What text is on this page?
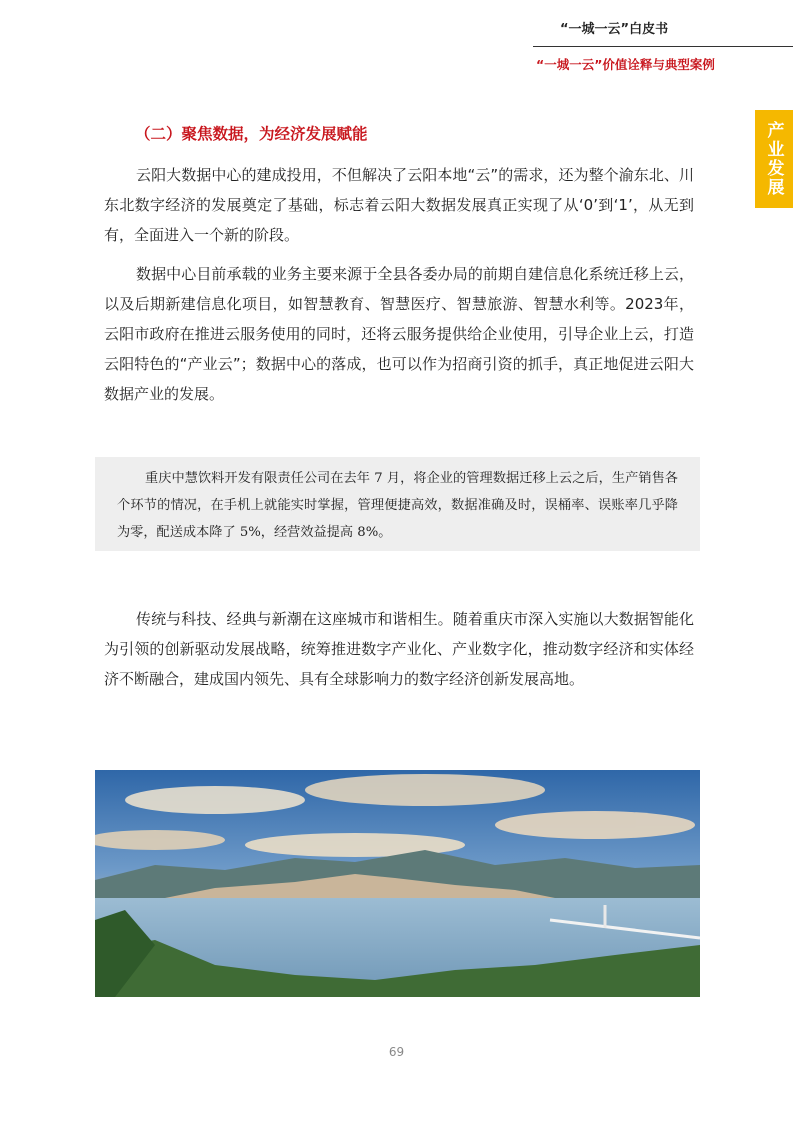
“一城一云”白皮书
“一城一云”价值诠释与典型案例
产业发展
（二）聚焦数据，为经济发展赋能

云阳大数据中心的建成投用，不但解决了云阳本地“云”的需求，还为整个渝东北、川东北数字经济的发展奠定了基础，标志着云阳大数据发展真正实现了从‘0’到‘1’，从无到有，全面进入一个新的阶段。

数据中心目前承载的业务主要来源于全县各委办局的前期自建信息化系统迁移上云，以及后期新建信息化项目，如智慧教育、智慧医疗、智慧旅游、智慧水利等。2023年，云阳市政府在推进云服务使用的同时，还将云服务提供给企业使用，引导企业上云，打造云阳特色的“产业云”；数据中心的落成，也可以作为招商引资的抓手，真正地促进云阳大数据产业的发展。

重庆中慧饮料开发有限责任公司在去年 7 月，将企业的管理数据迁移上云之后，生产销售各个环节的情况，在手机上就能实时掌握，管理便捷高效，数据准确及时，误桶率、误账率几乎降为零，配送成本降了 5%，经营效益提高 8%。

传统与科技、经典与新潮在这座城市和谐相生。随着重庆市深入实施以大数据智能化为引领的创新驱动发展战略，统筹推进数字产业化、产业数字化，推动数字经济和实体经济不断融合，建成国内领先、具有全球影响力的数字经济创新发展高地。

69
